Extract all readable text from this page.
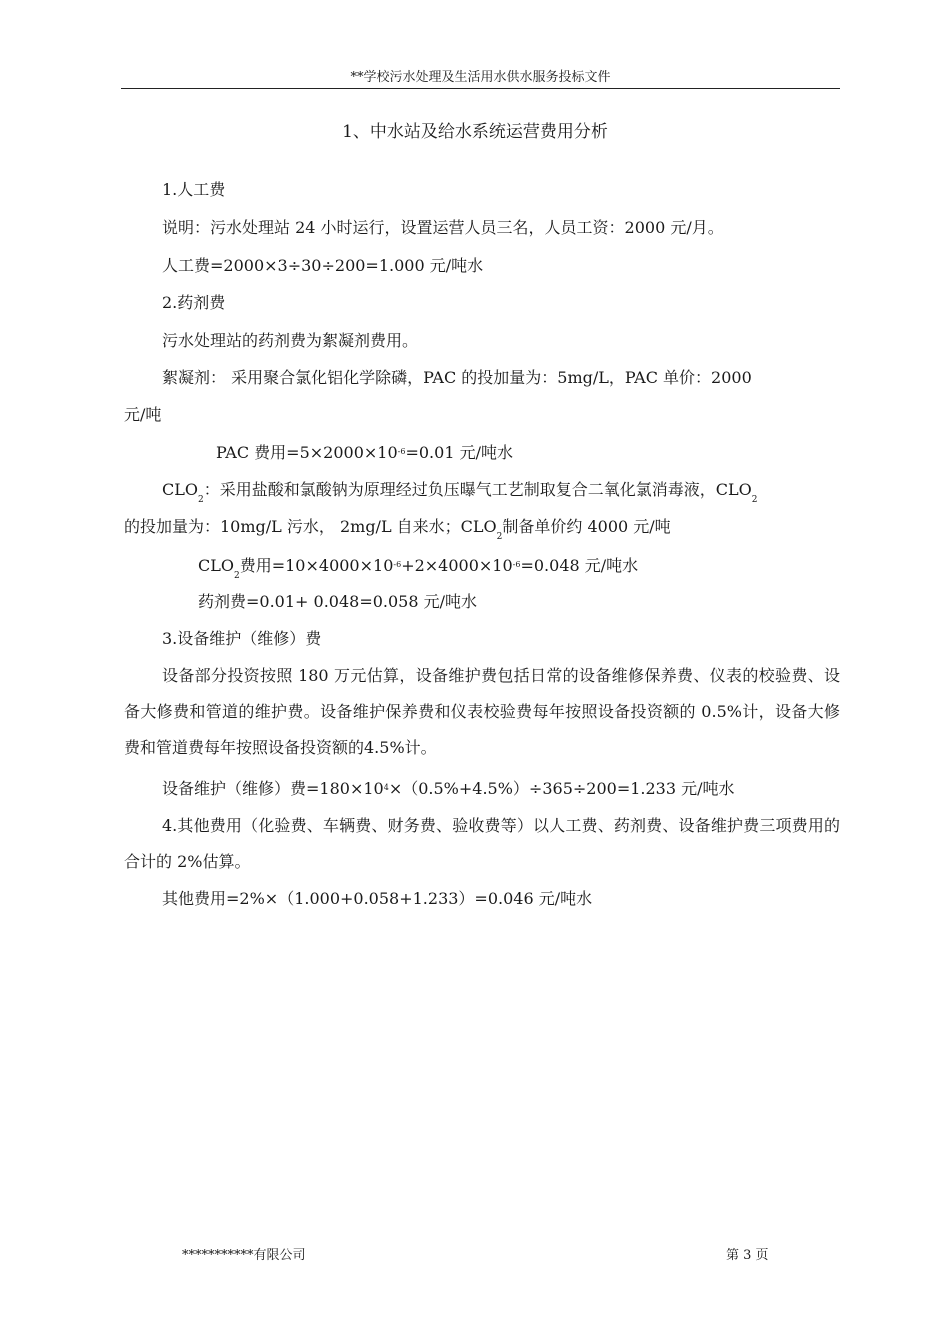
**学校污水处理及生活用水供水服务投标文件
1、中水站及给水系统运营费用分析
1.人工费
说明：污水处理站 24 小时运行，设置运营人员三名，人员工资：2000 元/月。
人工费=2000×3÷30÷200=1.000 元/吨水
2.药剂费
污水处理站的药剂费为絮凝剂费用。
絮凝剂： 采用聚合氯化铝化学除磷，PAC 的投加量为：5mg/L，PAC 单价：2000
元/吨
PAC 费用$=5\times 2000\times 10^{-6}=0.01$ 元/吨水
$CLO_2$：采用盐酸和氯酸钠为原理经过负压曝气工艺制取复合二氧化氯消毒液，$CLO_2$
的投加量为：10mg/L 污水， 2mg/L 自来水；$CLO_2$制备单价约 4000 元/吨
$CLO_2$费用$=10\times 4000\times 10^{-6}+2\times 4000\times 10^{-6}=0.048$ 元/吨水
药剂费=0.01+ 0.048=0.058 元/吨水
3.设备维护（维修）费
设备部分投资按照 180 万元估算，设备维护费包括日常的设备维修保养费、仪表的校验费、设备大修费和管道的维护费。设备维护保养费和仪表校验费每年按照设备投资额的 0.5%计，设备大修费和管道费每年按照设备投资额的4.5%计。
设备维护（维修）费$=180\times 10^4\times(0.5\%+4.5\%)\div 365\div 200=1.233$ 元/吨水
4.其他费用（化验费、车辆费、财务费、验收费等）以人工费、药剂费、设备维护费三项费用的合计的 2%估算。
其他费用=2%×（1.000+0.058+1.233）=0.046 元/吨水
***********有限公司	第 3 页
